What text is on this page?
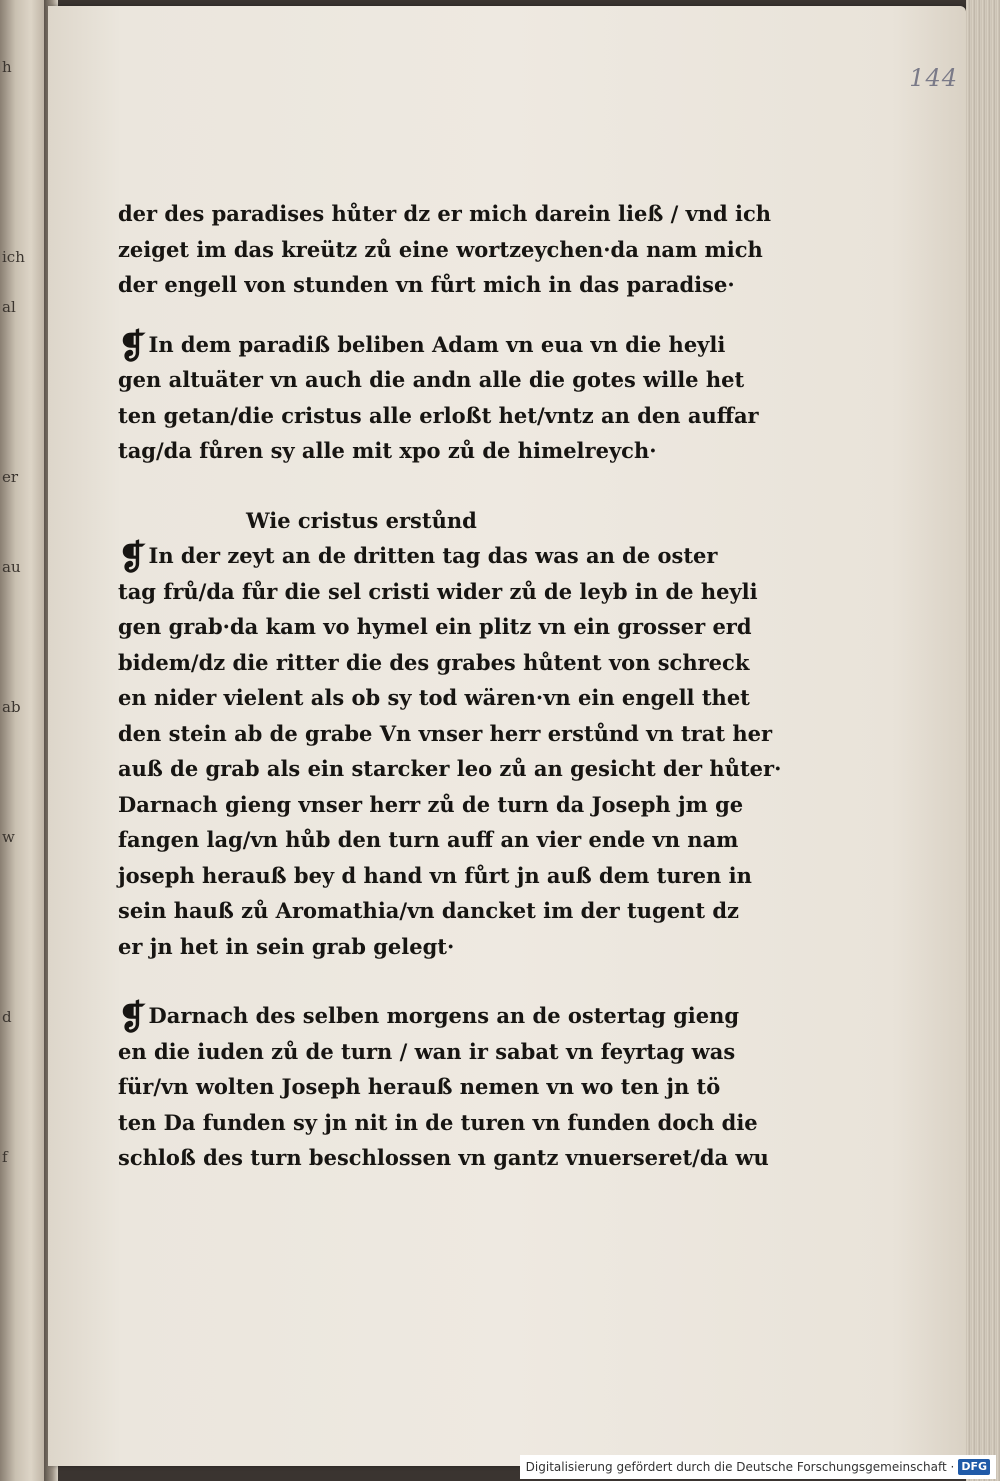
h
ich
al
er
au
ab
w
d
f
der des paradises hůter dz er mich darein ließ / vnd ich
zeiget im das kreütz zů eine wortzeychen·da nam mich
der engell von stunden vn fůrt mich in das paradise·
❡In dem paradiß beliben Adam vn eua vn die heyli
gen altuäter vn auch die andn alle die gotes wille het
ten getan/die cristus alle erloßt het/vntz an den auffar
tag/da fůren sy alle mit xpo zů de himelreych·
Wie cristus erstůnd
❡In der zeyt an de dritten tag das was an de oster
tag frů/da fůr die sel cristi wider zů de leyb in de heyli
gen grab·da kam vo hymel ein plitz vn ein grosser erd
bidem/dz die ritter die des grabes hůtent von schreck
en nider vielent als ob sy tod wären·vn ein engell thet
den stein ab de grabe Vn vnser herr erstůnd vn trat her
auß de grab als ein starcker leo zů an gesicht der hůter·
Darnach gieng vnser herr zů de turn da Joseph jm ge
fangen lag/vn hůb den turn auff an vier ende vn nam
joseph herauß bey d hand vn fůrt jn auß dem turen in
sein hauß zů Aromathia/vn dancket im der tugent dz
er jn het in sein grab gelegt·
❡Darnach des selben morgens an de ostertag gieng
en die iuden zů de turn / wan ir sabat vn feyrtag was
für/vn wolten Joseph herauß nemen vn wo ten jn tö
ten Da funden sy jn nit in de turen vn funden doch die
schloß des turn beschlossen vn gantz vnuerseret/da wu
144
Digitalisierung gefördert durch die Deutsche Forschungsgemeinschaft · DFG
